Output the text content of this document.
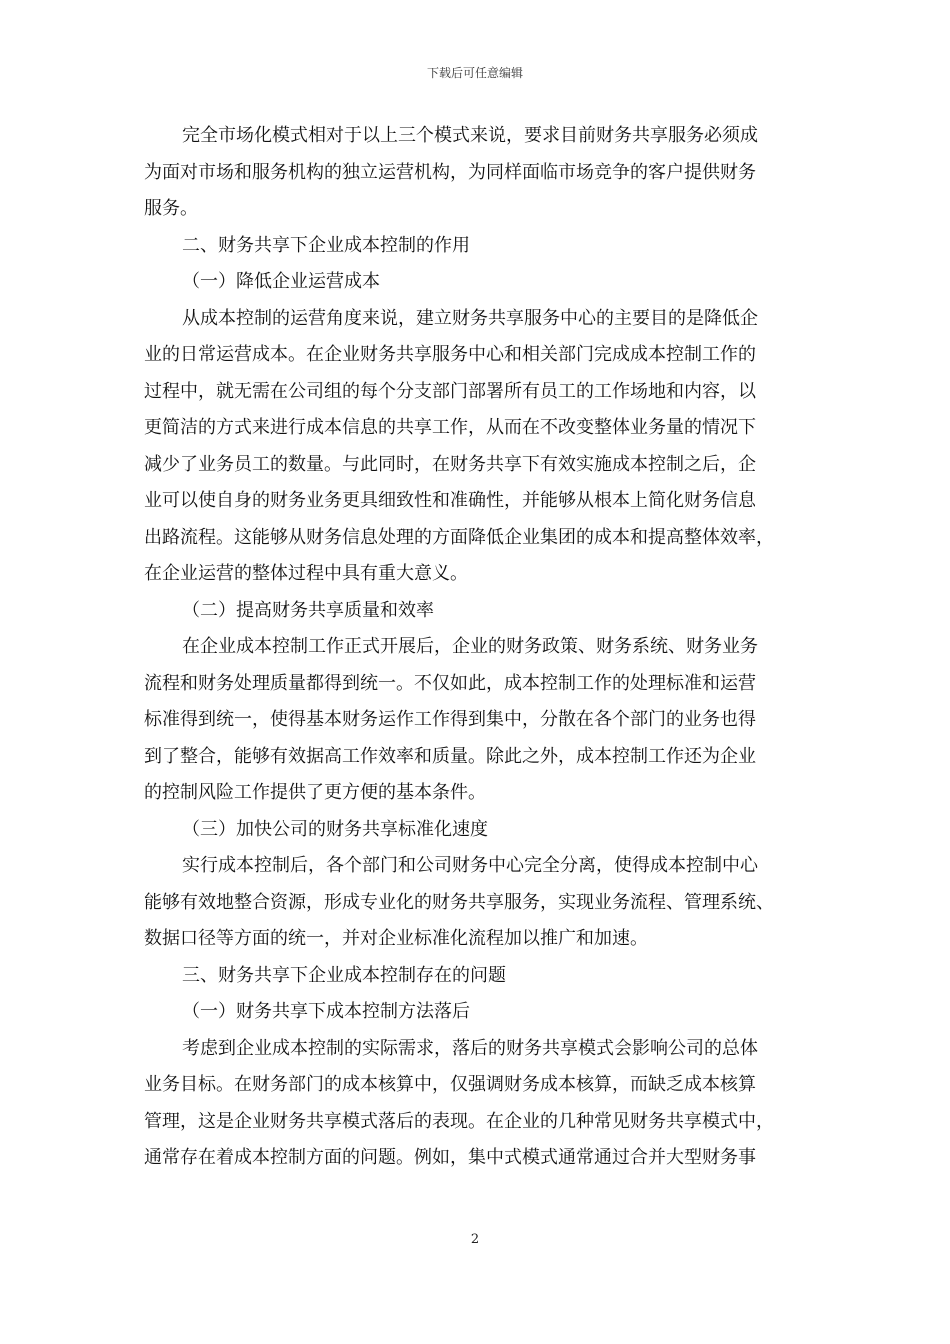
下载后可任意编辑
完全市场化模式相对于以上三个模式来说，要求目前财务共享服务必须成
为面对市场和服务机构的独立运营机构，为同样面临市场竞争的客户提供财务
服务。
二、财务共享下企业成本控制的作用
（一）降低企业运营成本
从成本控制的运营角度来说，建立财务共享服务中心的主要目的是降低企
业的日常运营成本。在企业财务共享服务中心和相关部门完成成本控制工作的
过程中，就无需在公司组的每个分支部门部署所有员工的工作场地和内容，以
更简洁的方式来进行成本信息的共享工作，从而在不改变整体业务量的情况下
减少了业务员工的数量。与此同时，在财务共享下有效实施成本控制之后，企
业可以使自身的财务业务更具细致性和准确性，并能够从根本上简化财务信息
出路流程。这能够从财务信息处理的方面降低企业集团的成本和提高整体效率，
在企业运营的整体过程中具有重大意义。
（二）提高财务共享质量和效率
在企业成本控制工作正式开展后，企业的财务政策、财务系统、财务业务
流程和财务处理质量都得到统一。不仅如此，成本控制工作的处理标准和运营
标准得到统一，使得基本财务运作工作得到集中，分散在各个部门的业务也得
到了整合，能够有效据高工作效率和质量。除此之外，成本控制工作还为企业
的控制风险工作提供了更方便的基本条件。
（三）加快公司的财务共享标准化速度
实行成本控制后，各个部门和公司财务中心完全分离，使得成本控制中心
能够有效地整合资源，形成专业化的财务共享服务，实现业务流程、管理系统、
数据口径等方面的统一，并对企业标准化流程加以推广和加速。
三、财务共享下企业成本控制存在的问题
（一）财务共享下成本控制方法落后
考虑到企业成本控制的实际需求，落后的财务共享模式会影响公司的总体
业务目标。在财务部门的成本核算中，仅强调财务成本核算，而缺乏成本核算
管理，这是企业财务共享模式落后的表现。在企业的几种常见财务共享模式中，
通常存在着成本控制方面的问题。例如，集中式模式通常通过合并大型财务事
2
